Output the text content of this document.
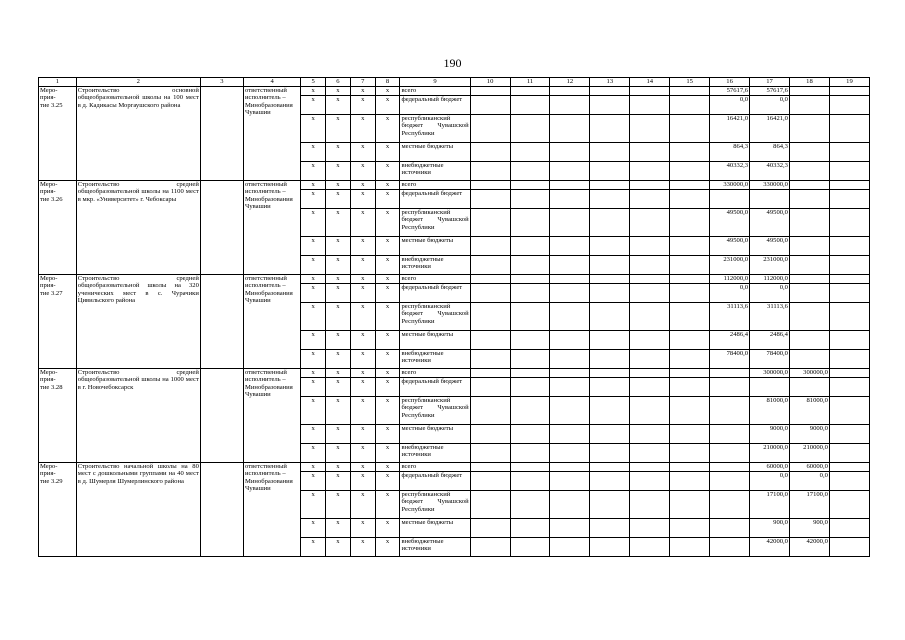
190
1	2	3	4	5	6	7	8	9	10	11	12	13	14	15	16	17	18	19
Меро-
прия-
тие 3.25	Строительство основной общеобразовательной школы на 100 мест в д. Кадикасы Моргаушского района		ответственный исполнитель – Минобразования Чувашии	x	x	x	x	всего							57617,6	57617,6		
				x	x	x	x	федеральный бюджет							0,0	0,0		
				x	x	x	x	республиканский бюджет Чувашской Республики							16421,0	16421,0		
				x	x	x	x	местные бюджеты							864,3	864,3		
				x	x	x	x	внебюджетные источники							40332,3	40332,3		
Меро-
прия-
тие 3.26	Строительство средней общеобразовательной школы на 1100 мест в мкр. «Университет» г. Чебоксары		ответственный исполнитель – Минобразования Чувашии	x	x	x	x	всего							330000,0	330000,0		
				x	x	x	x	федеральный бюджет										
				x	x	x	x	республиканский бюджет Чувашской Республики							49500,0	49500,0		
				x	x	x	x	местные бюджеты							49500,0	49500,0		
				x	x	x	x	внебюджетные источники							231000,0	231000,0		
Меро-
прия-
тие 3.27	Строительство средней общеобразовательной школы на 320 ученических мест в с. Чурачики Цивильского района		ответственный исполнитель – Минобразования Чувашии	x	x	x	x	всего							112000,0	112000,0		
				x	x	x	x	федеральный бюджет							0,0	0,0		
				x	x	x	x	республиканский бюджет Чувашской Республики							31113,6	31113,6		
				x	x	x	x	местные бюджеты							2486,4	2486,4		
				x	x	x	x	внебюджетные источники							78400,0	78400,0		
Меро-
прия-
тие 3.28	Строительство средней общеобразовательной школы на 1000 мест в г. Новочебоксарск		ответственный исполнитель – Минобразования Чувашии	x	x	x	x	всего								300000,0	300000,0	
				x	x	x	x	федеральный бюджет										
				x	x	x	x	республиканский бюджет Чувашской Республики								81000,0	81000,0	
				x	x	x	x	местные бюджеты								9000,0	9000,0	
				x	x	x	x	внебюджетные источники								210000,0	210000,0	
Меро-
прия-
тие 3.29	Строительство начальной школы на 80 мест с дошкольными группами на 40 мест в д. Шумерля Шумерлинского района		ответственный исполнитель – Минобразования Чувашии	x	x	x	x	всего								60000,0	60000,0	
				x	x	x	x	федеральный бюджет								0,0	0,0	
				x	x	x	x	республиканский бюджет Чувашской Республики								17100,0	17100,0	
				x	x	x	x	местные бюджеты								900,0	900,0	
				x	x	x	x	внебюджетные источники								42000,0	42000,0	
